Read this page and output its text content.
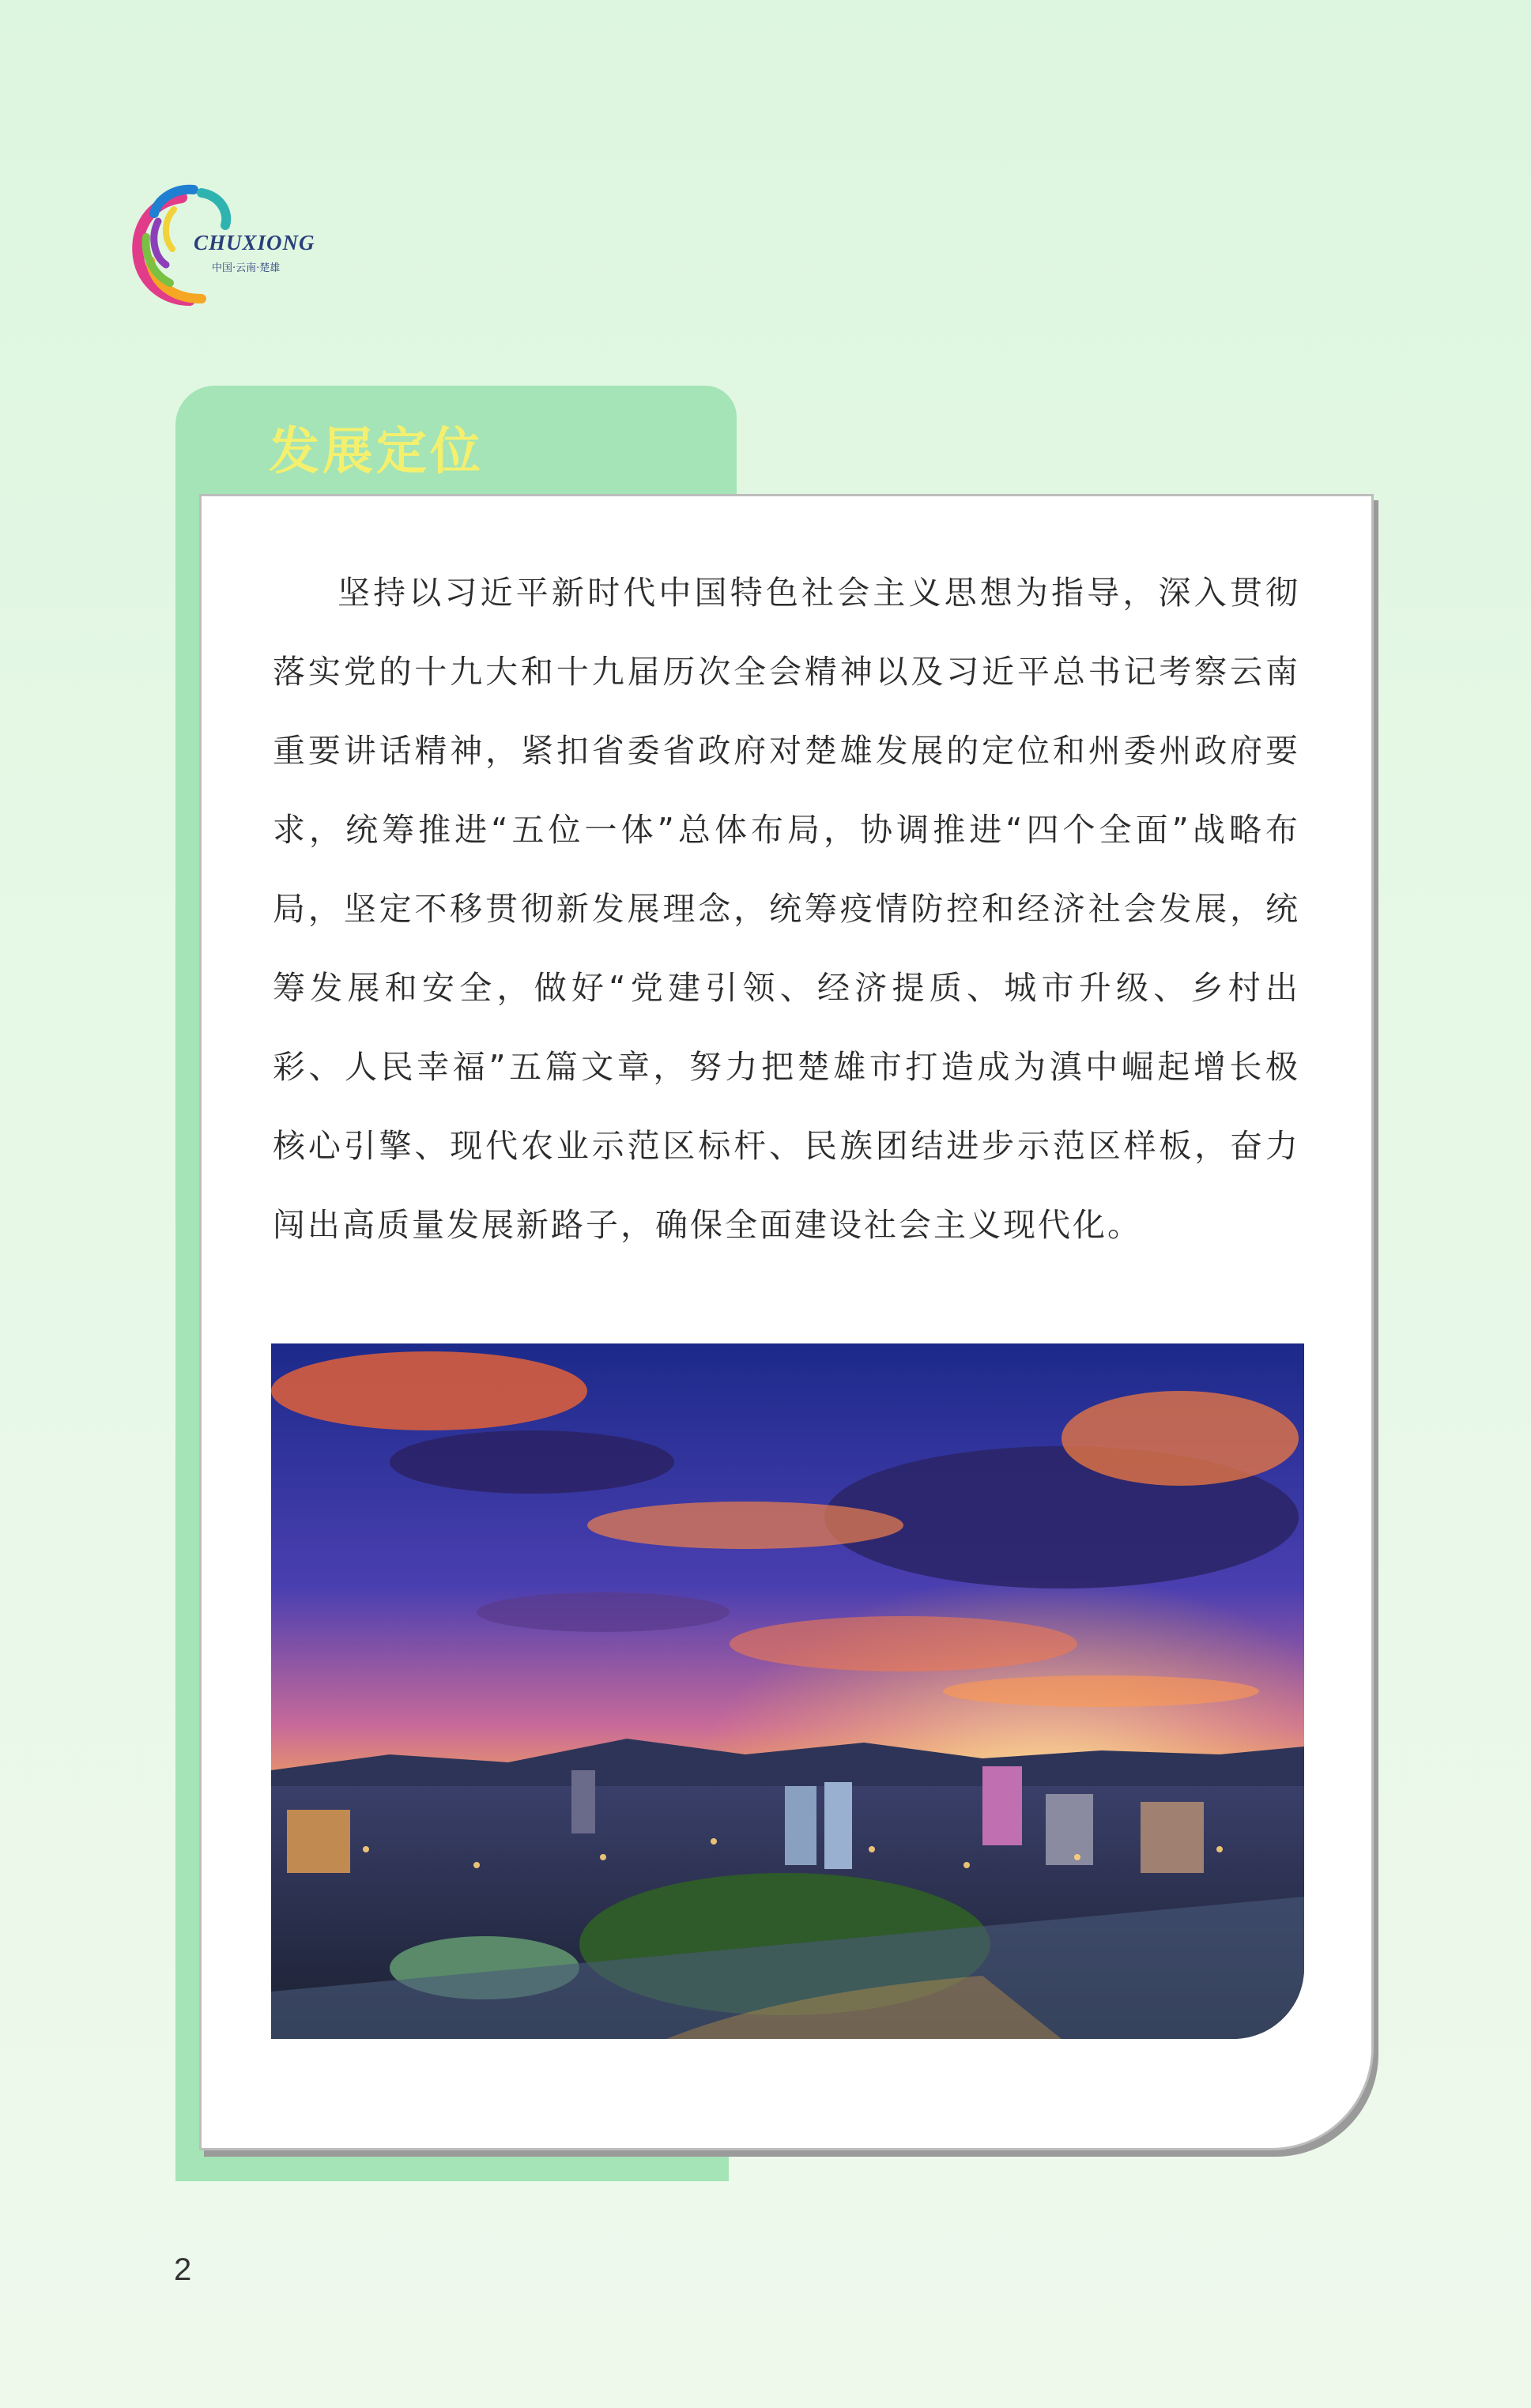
CHUXIONG
中国·云南·楚雄
发展定位
坚持以习近平新时代中国特色社会主义思想为指导，深入贯彻落实党的十九大和十九届历次全会精神以及习近平总书记考察云南重要讲话精神，紧扣省委省政府对楚雄发展的定位和州委州政府要求，统筹推进“五位一体”总体布局，协调推进“四个全面”战略布局，坚定不移贯彻新发展理念，统筹疫情防控和经济社会发展，统筹发展和安全，做好“党建引领、经济提质、城市升级、乡村出彩、人民幸福”五篇文章，努力把楚雄市打造成为滇中崛起增长极核心引擎、现代农业示范区标杆、民族团结进步示范区样板，奋力闯出高质量发展新路子，确保全面建设社会主义现代化。
2
